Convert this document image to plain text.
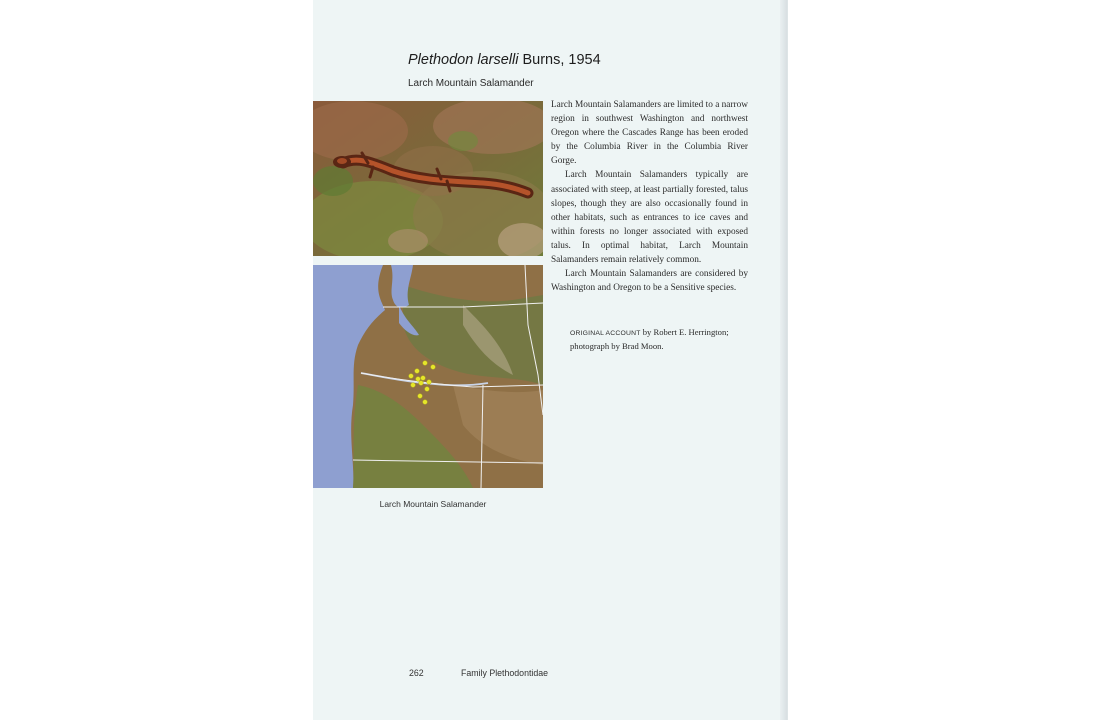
Plethodon larselli Burns, 1954
Larch Mountain Salamander
Larch Mountain Salamander

Larch Mountain Salamanders are limited to a narrow region in southwest Washington and northwest Oregon where the Cascades Range has been eroded by the Columbia River in the Columbia River Gorge.

Larch Mountain Salamanders typically are associated with steep, at least partially forested, talus slopes, though they are also occasionally found in other habitats, such as entrances to ice caves and within forests no longer associated with exposed talus. In optimal habitat, Larch Mountain Salamanders remain relatively common.

Larch Mountain Salamanders are considered by Washington and Oregon to be a Sensitive species.

ORIGINAL ACCOUNT by Robert E. Herrington; photograph by Brad Moon.
262	Family Plethodontidae
